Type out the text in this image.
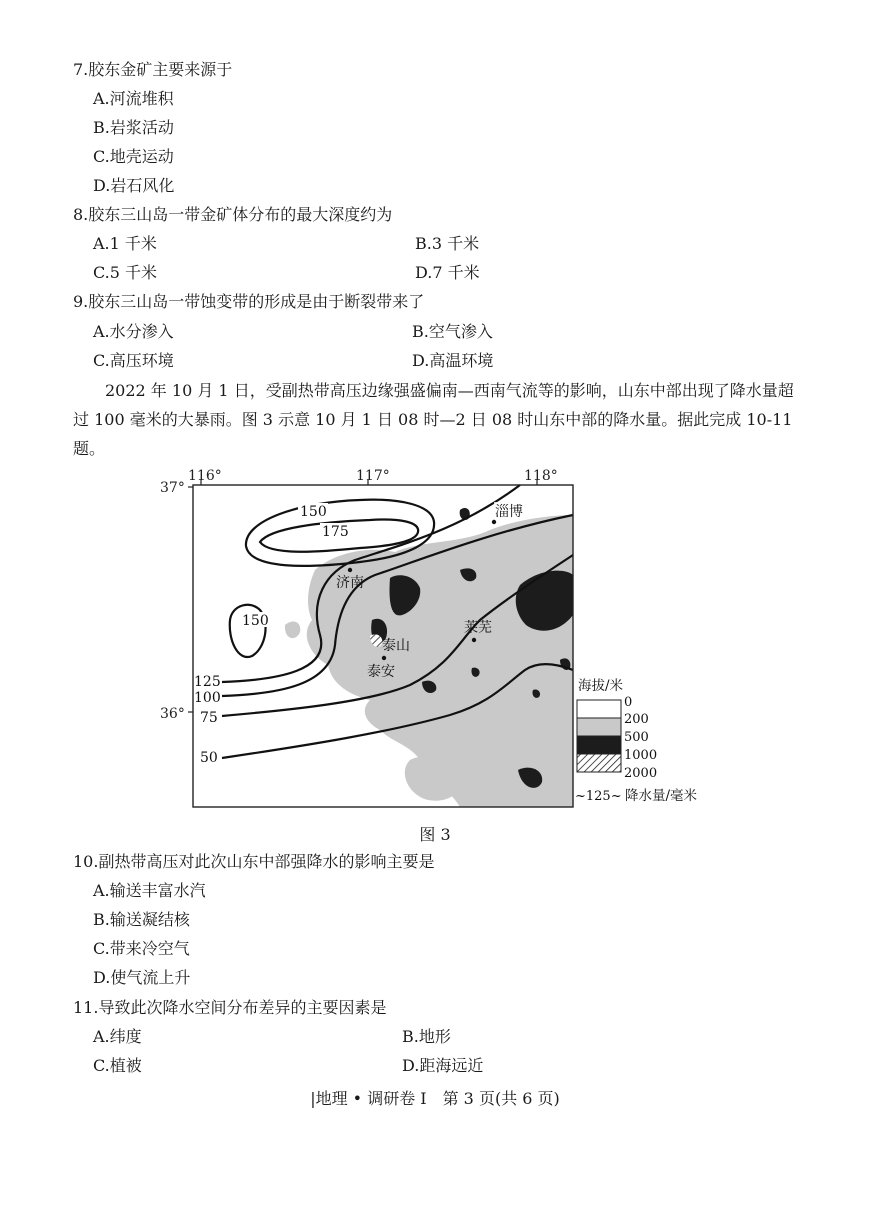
7.胶东金矿主要来源于
A.河流堆积
B.岩浆活动
C.地壳运动
D.岩石风化
8.胶东三山岛一带金矿体分布的最大深度约为
A.1 千米	B.3 千米
C.5 千米	D.7 千米
9.胶东三山岛一带蚀变带的形成是由于断裂带来了
A.水分渗入	B.空气渗入
C.高压环境	D.高温环境
2022 年 10 月 1 日，受副热带高压边缘强盛偏南—西南气流等的影响，山东中部出现了降水量超过 100 毫米的大暴雨。图 3 示意 10 月 1 日 08 时—2 日 08 时山东中部的降水量。据此完成 10-11 题。
116°	117°	118°
37°
36°
150
175
150
125
100
75
50
淄博
济南
泰山
莱芜
泰安
海拔/米
0
200
500
1000
2000
~125~ 降水量/毫米
图 3
10.副热带高压对此次山东中部强降水的影响主要是
A.输送丰富水汽
B.输送凝结核
C.带来冷空气
D.使气流上升
11.导致此次降水空间分布差异的主要因素是
A.纬度	B.地形
C.植被	D.距海远近
|地理 • 调研卷 I　第 3 页(共 6 页)
